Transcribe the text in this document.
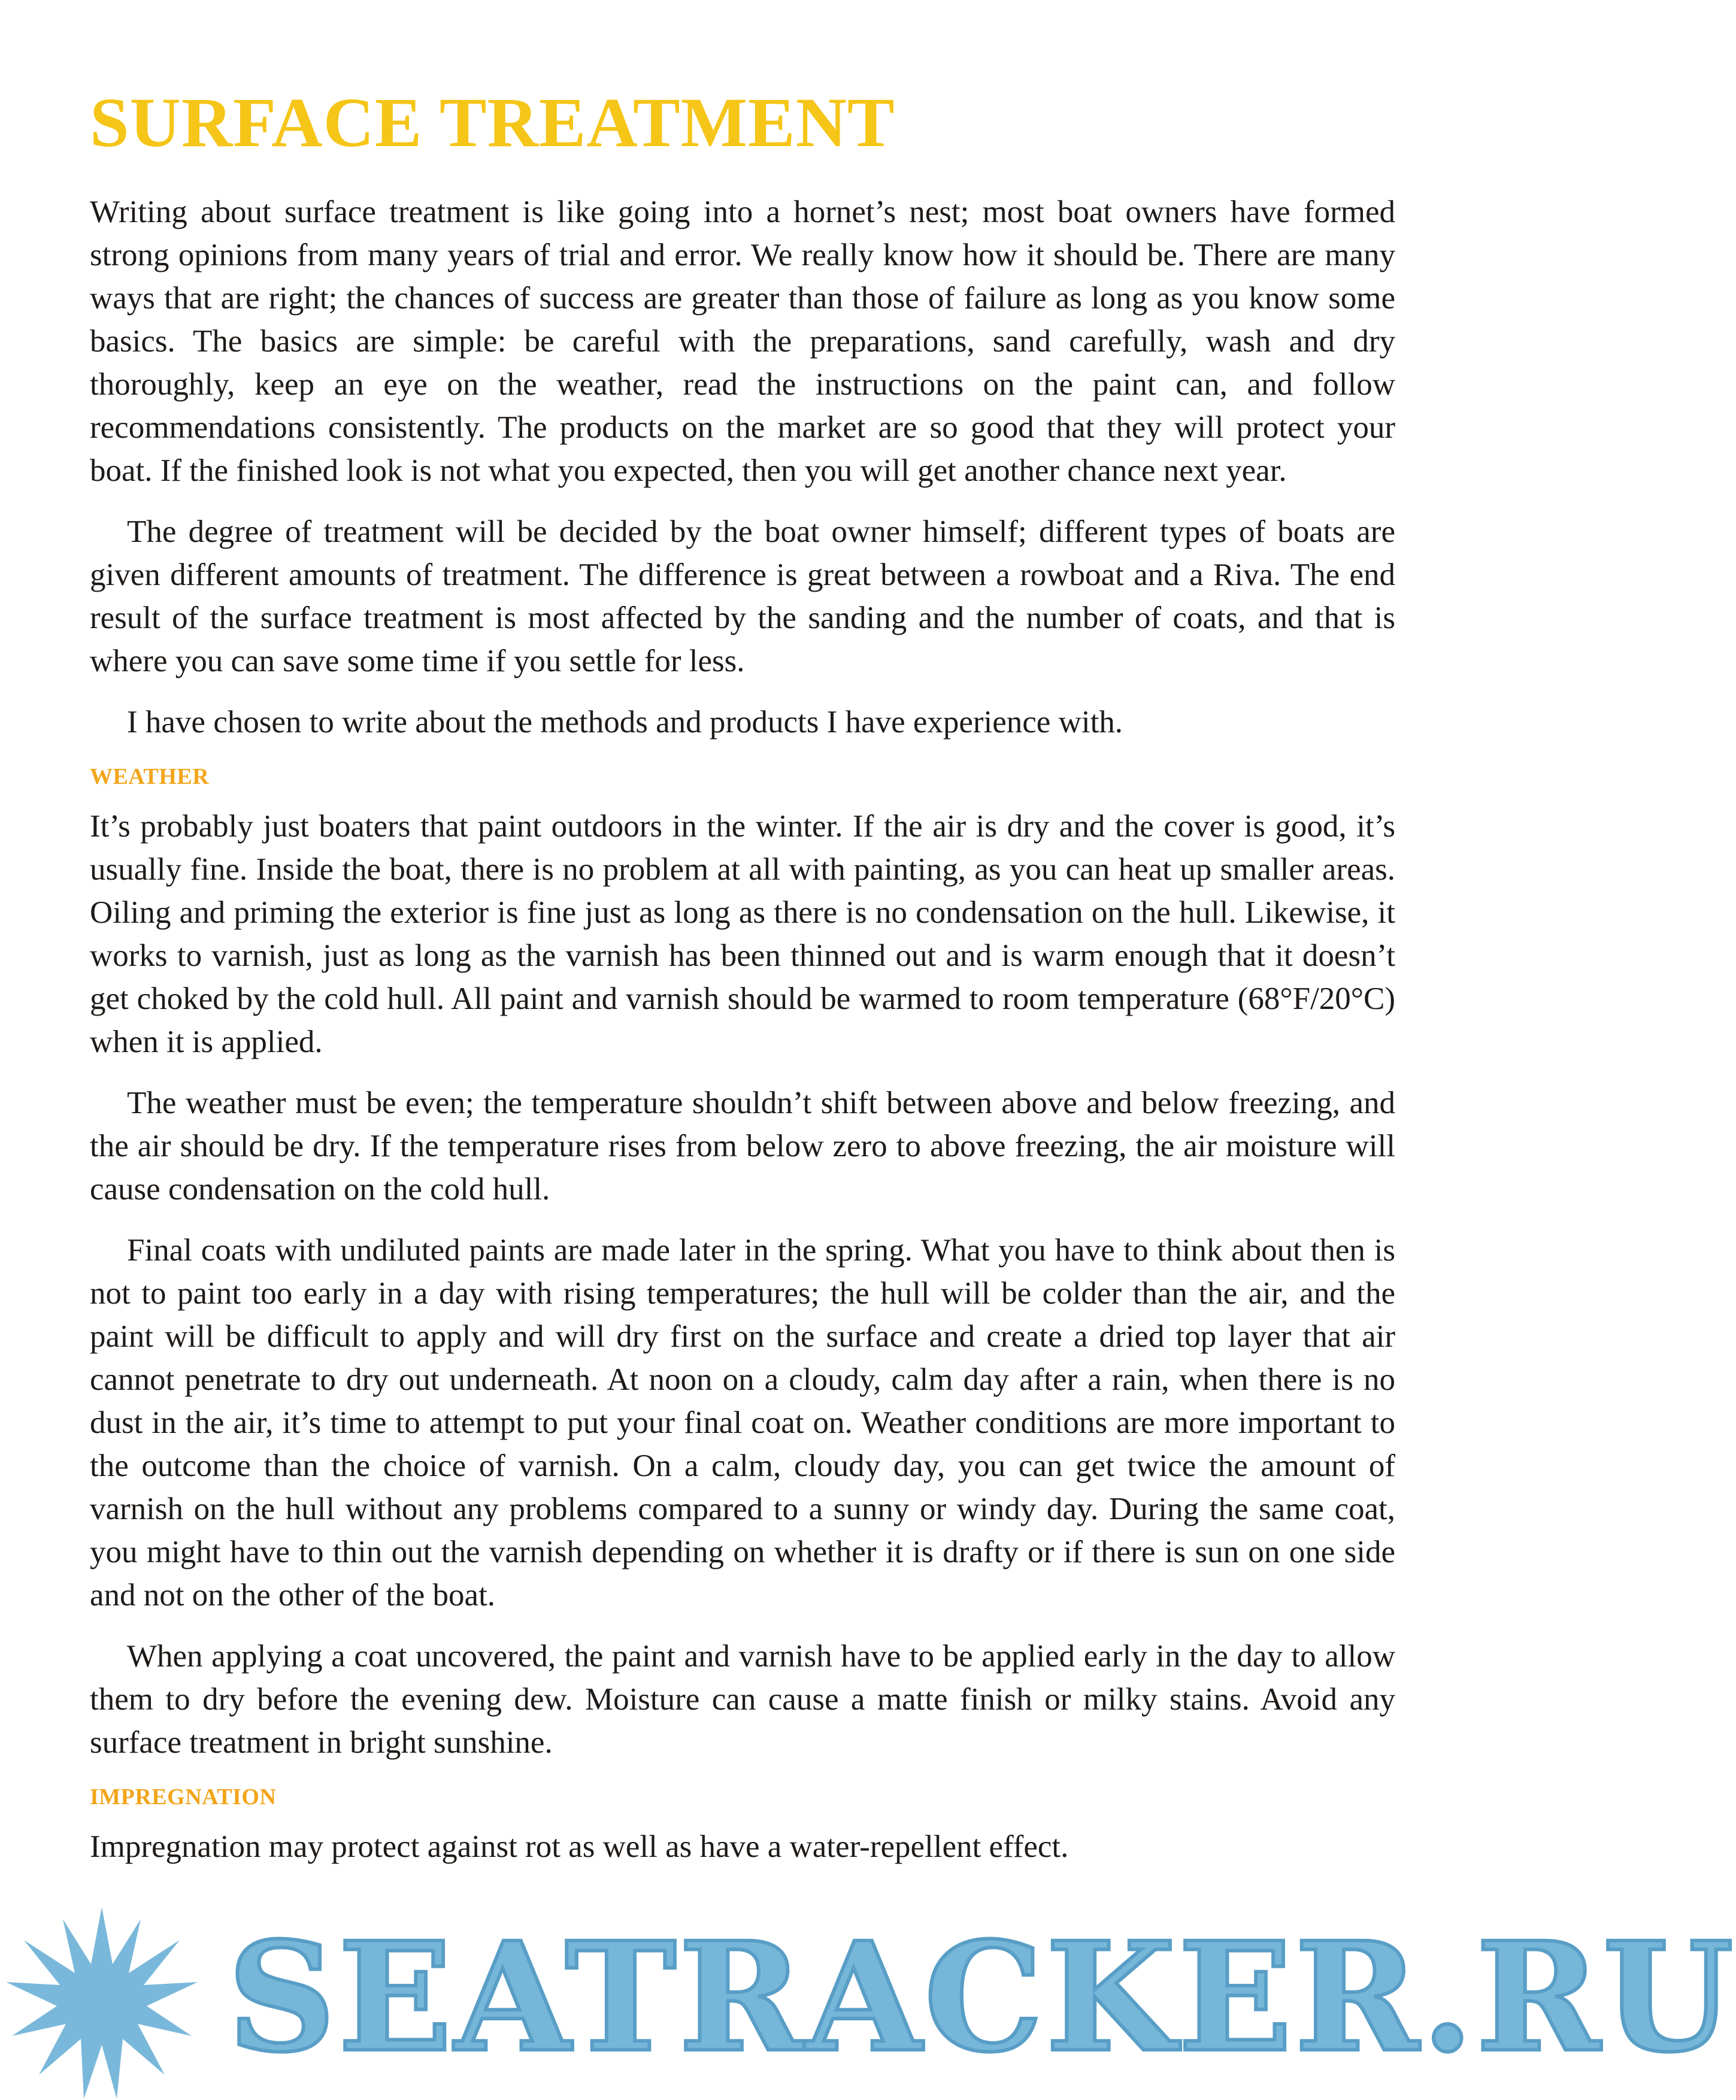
SURFACE TREATMENT

Writing about surface treatment is like going into a hornet’s nest; most boat owners have formed strong opinions from many years of trial and error. We really know how it should be. There are many ways that are right; the chances of success are greater than those of failure as long as you know some basics. The basics are simple: be careful with the preparations, sand carefully, wash and dry thoroughly, keep an eye on the weather, read the instructions on the paint can, and follow recommendations consistently. The products on the market are so good that they will protect your boat. If the finished look is not what you expected, then you will get another chance next year.

The degree of treatment will be decided by the boat owner himself; different types of boats are given different amounts of treatment. The difference is great between a rowboat and a Riva. The end result of the surface treatment is most affected by the sanding and the number of coats, and that is where you can save some time if you settle for less.

I have chosen to write about the methods and products I have experience with.

WEATHER

It’s probably just boaters that paint outdoors in the winter. If the air is dry and the cover is good, it’s usually fine. Inside the boat, there is no problem at all with painting, as you can heat up smaller areas. Oiling and priming the exterior is fine just as long as there is no condensation on the hull. Likewise, it works to varnish, just as long as the varnish has been thinned out and is warm enough that it doesn’t get choked by the cold hull. All paint and varnish should be warmed to room temperature (68°F/20°C) when it is applied.

The weather must be even; the temperature shouldn’t shift between above and below freezing, and the air should be dry. If the temperature rises from below zero to above freezing, the air moisture will cause condensation on the cold hull.

Final coats with undiluted paints are made later in the spring. What you have to think about then is not to paint too early in a day with rising temperatures; the hull will be colder than the air, and the paint will be difficult to apply and will dry first on the surface and create a dried top layer that air cannot penetrate to dry out underneath. At noon on a cloudy, calm day after a rain, when there is no dust in the air, it’s time to attempt to put your final coat on. Weather conditions are more important to the outcome than the choice of varnish. On a calm, cloudy day, you can get twice the amount of varnish on the hull without any problems compared to a sunny or windy day. During the same coat, you might have to thin out the varnish depending on whether it is drafty or if there is sun on one side and not on the other of the boat.

When applying a coat uncovered, the paint and varnish have to be applied early in the day to allow them to dry before the evening dew. Moisture can cause a matte finish or milky stains. Avoid any surface treatment in bright sunshine.

IMPREGNATION

Impregnation may protect against rot as well as have a water-repellent effect.

SEATRACKER.RU
